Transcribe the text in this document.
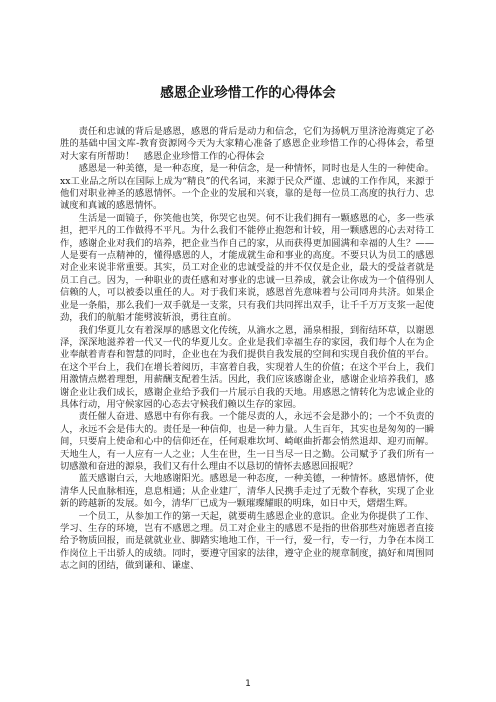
感恩企业珍惜工作的心得体会

责任和忠诚的背后是感恩，感恩的背后是动力和信念，它们为扬帆万里济沧海奠定了必胜的基础中国文库-教育资源网今天为大家精心准备了感恩企业珍惜工作的心得体会，希望对大家有所帮助！　感恩企业珍惜工作的心得体会

感恩是一种美德，是一种态度，是一种信念，是一种情怀，同时也是人生的一种使命。xx工业品之所以在国际上成为“精良”的代名词，来源于民众严谨、忠诚的工作作风，来源于他们对职业神圣的感恩情怀。一个企业的发展和兴衰，靠的是每一位员工高度的执行力、忠诚度和真诚的感恩情怀。

生活是一面镜子，你笑他也笑，你哭它也哭。何不让我们拥有一颗感恩的心，多一些承担，把平凡的工作做得不平凡。为什么我们不能停止抱怨和计较，用一颗感恩的心去对待工作，感谢企业对我们的培养，把企业当作自己的家，从而获得更加圆满和幸福的人生？——人是要有一点精神的，懂得感恩的人，才能成就生命和事业的高度。不要只认为员工的感恩对企业来说非常重要。其实，员工对企业的忠诚受益的并不仅仅是企业，最大的受益者就是员工自己。因为，一种职业的责任感和对事业的忠诚一旦养成，就会让你成为一个值得别人信赖的人，可以被委以重任的人。对于我们来说，感恩首先意味着与公司同舟共济。如果企业是一条船，那么我们一双手就是一支浆，只有我们共同挥出双手，让千千万万支浆一起使劲，我们的航船才能劈波斩浪，勇往直前。

我们华夏儿女有着深厚的感恩文化传统，从滴水之恩，涌泉相报，到衔结环草，以谢恩泽，深深地滋养着一代又一代的华夏儿女。企业是我们幸福生存的家园，我们每个人在为企业奉献着青春和智慧的同时，企业也在为我们提供自我发展的空间和实现自我价值的平台。在这个平台上，我们在增长着阅历，丰富着自我，实现着人生的价值；在这个平台上，我们用激情点燃着理想，用薪酬支配着生活。因此，我们应该感谢企业，感谢企业培养我们，感谢企业让我们成长，感谢企业给予我们一片展示自我的天地。用感恩之情转化为忠诚企业的具体行动，用守候家园的心态去守候我们赖以生存的家园。

责任催人奋进、感恩中有你有我。一个能尽责的人，永远不会是渺小的；一个不负责的人，永远不会是伟大的。责任是一种信仰，也是一种力量。人生百年，其实也是匆匆的一瞬间，只要肩上使命和心中的信仰还在，任何艰难坎坷、崎岖曲折都会悄然退却、迎刃而解。天地生人，有一人应有一人之业；人生在世，生一日当尽一日之勤。公司赋予了我们所有一切感激和奋进的源泉，我们又有什么理由不以恳切的情怀去感恩回报呢？

蓝天感谢白云，大地感谢阳光。感恩是一种态度，一种美德，一种情怀。感恩情怀，使清华人民血脉相连，息息相通；从企业建厂，清华人民携手走过了无数个春秋，实现了企业新的跨越新的发展。如今，清华厂已成为一颗璀璨耀眼的明珠，如日中天，熠熠生辉。

一个员工，从参加工作的第一天起，就要萌生感恩企业的意识。企业为你提供了工作、学习、生存的环境，岂有不感恩之理。员工对企业主的感恩不是指的世俗那些对施恩者直接给予物质回报，而是就就业业、脚踏实地地工作，干一行，爱一行，专一行，力争在本岗工作岗位上干出骄人的成绩。同时，要遵守国家的法律，遵守企业的规章制度，搞好和周围同志之间的团结，做到谦和、谦虚、

1
